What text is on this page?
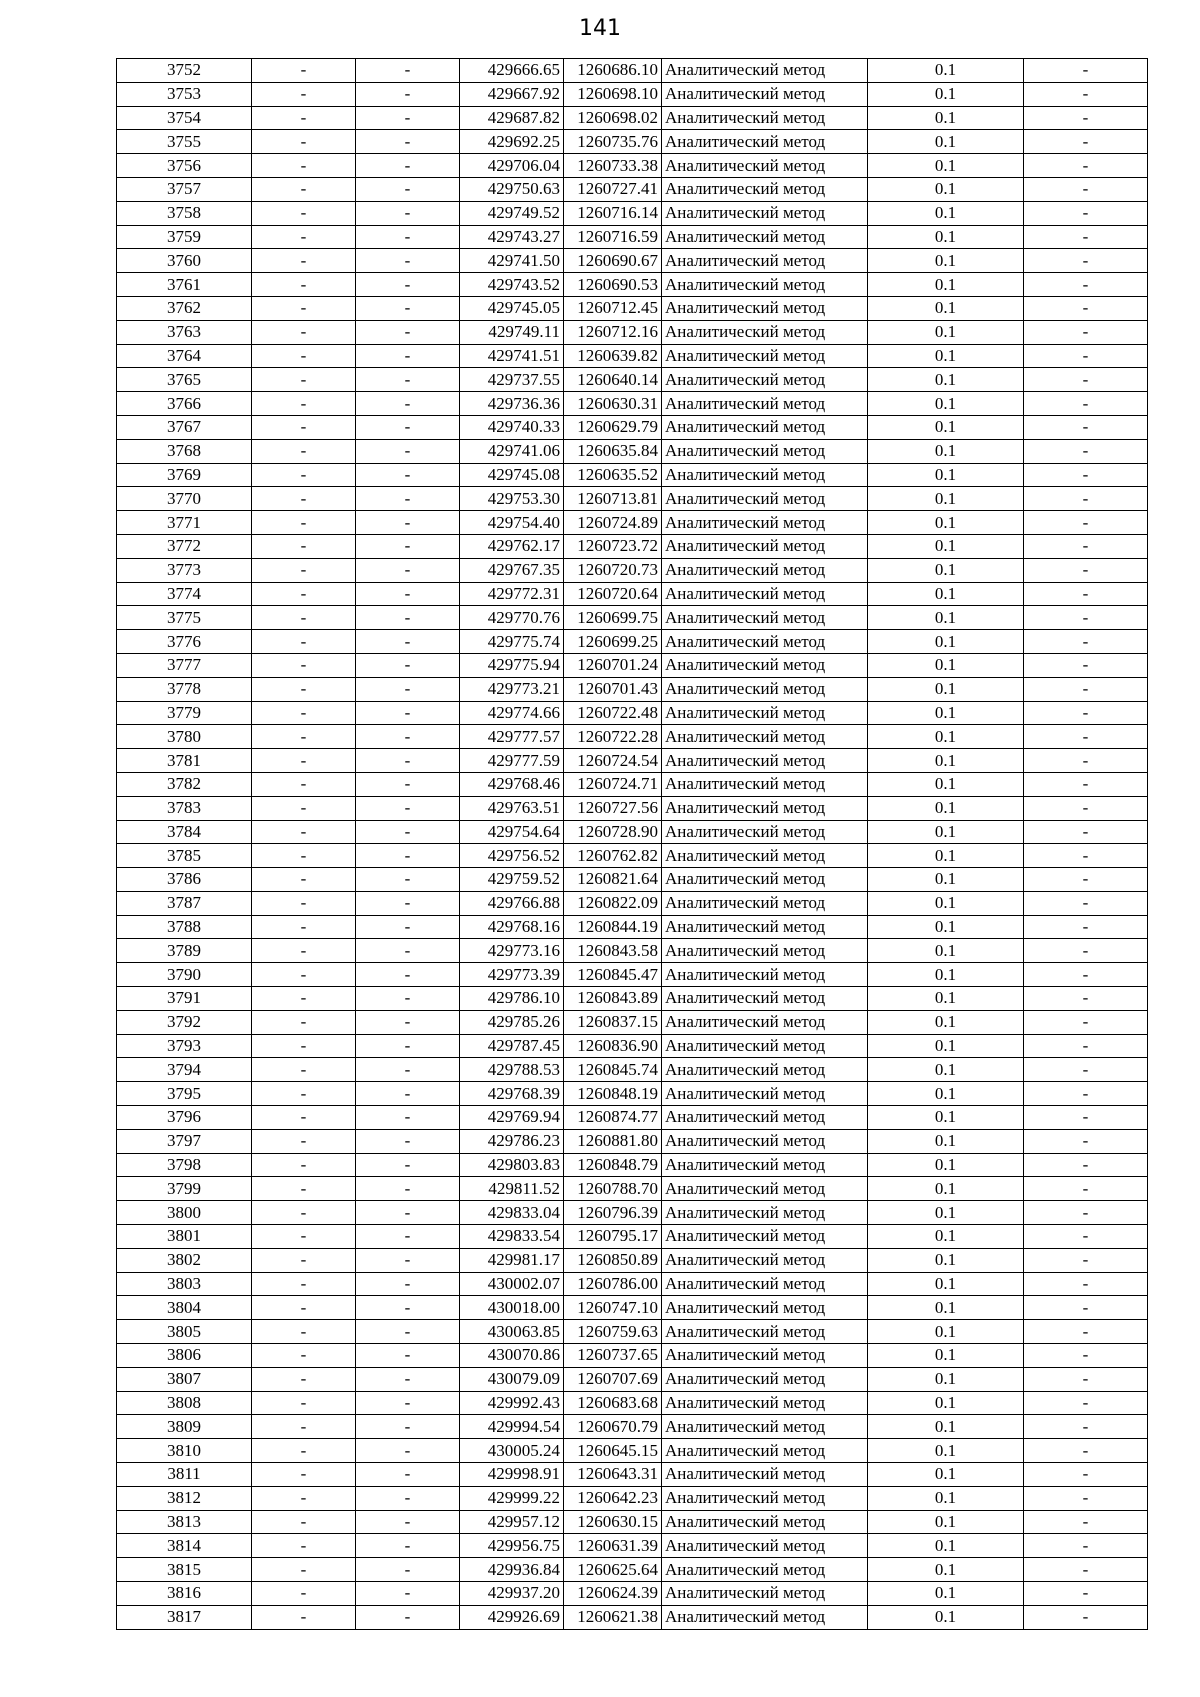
141
3752	-	-	429666.65	1260686.10	Аналитический метод	0.1	-
3753	-	-	429667.92	1260698.10	Аналитический метод	0.1	-
3754	-	-	429687.82	1260698.02	Аналитический метод	0.1	-
3755	-	-	429692.25	1260735.76	Аналитический метод	0.1	-
3756	-	-	429706.04	1260733.38	Аналитический метод	0.1	-
3757	-	-	429750.63	1260727.41	Аналитический метод	0.1	-
3758	-	-	429749.52	1260716.14	Аналитический метод	0.1	-
3759	-	-	429743.27	1260716.59	Аналитический метод	0.1	-
3760	-	-	429741.50	1260690.67	Аналитический метод	0.1	-
3761	-	-	429743.52	1260690.53	Аналитический метод	0.1	-
3762	-	-	429745.05	1260712.45	Аналитический метод	0.1	-
3763	-	-	429749.11	1260712.16	Аналитический метод	0.1	-
3764	-	-	429741.51	1260639.82	Аналитический метод	0.1	-
3765	-	-	429737.55	1260640.14	Аналитический метод	0.1	-
3766	-	-	429736.36	1260630.31	Аналитический метод	0.1	-
3767	-	-	429740.33	1260629.79	Аналитический метод	0.1	-
3768	-	-	429741.06	1260635.84	Аналитический метод	0.1	-
3769	-	-	429745.08	1260635.52	Аналитический метод	0.1	-
3770	-	-	429753.30	1260713.81	Аналитический метод	0.1	-
3771	-	-	429754.40	1260724.89	Аналитический метод	0.1	-
3772	-	-	429762.17	1260723.72	Аналитический метод	0.1	-
3773	-	-	429767.35	1260720.73	Аналитический метод	0.1	-
3774	-	-	429772.31	1260720.64	Аналитический метод	0.1	-
3775	-	-	429770.76	1260699.75	Аналитический метод	0.1	-
3776	-	-	429775.74	1260699.25	Аналитический метод	0.1	-
3777	-	-	429775.94	1260701.24	Аналитический метод	0.1	-
3778	-	-	429773.21	1260701.43	Аналитический метод	0.1	-
3779	-	-	429774.66	1260722.48	Аналитический метод	0.1	-
3780	-	-	429777.57	1260722.28	Аналитический метод	0.1	-
3781	-	-	429777.59	1260724.54	Аналитический метод	0.1	-
3782	-	-	429768.46	1260724.71	Аналитический метод	0.1	-
3783	-	-	429763.51	1260727.56	Аналитический метод	0.1	-
3784	-	-	429754.64	1260728.90	Аналитический метод	0.1	-
3785	-	-	429756.52	1260762.82	Аналитический метод	0.1	-
3786	-	-	429759.52	1260821.64	Аналитический метод	0.1	-
3787	-	-	429766.88	1260822.09	Аналитический метод	0.1	-
3788	-	-	429768.16	1260844.19	Аналитический метод	0.1	-
3789	-	-	429773.16	1260843.58	Аналитический метод	0.1	-
3790	-	-	429773.39	1260845.47	Аналитический метод	0.1	-
3791	-	-	429786.10	1260843.89	Аналитический метод	0.1	-
3792	-	-	429785.26	1260837.15	Аналитический метод	0.1	-
3793	-	-	429787.45	1260836.90	Аналитический метод	0.1	-
3794	-	-	429788.53	1260845.74	Аналитический метод	0.1	-
3795	-	-	429768.39	1260848.19	Аналитический метод	0.1	-
3796	-	-	429769.94	1260874.77	Аналитический метод	0.1	-
3797	-	-	429786.23	1260881.80	Аналитический метод	0.1	-
3798	-	-	429803.83	1260848.79	Аналитический метод	0.1	-
3799	-	-	429811.52	1260788.70	Аналитический метод	0.1	-
3800	-	-	429833.04	1260796.39	Аналитический метод	0.1	-
3801	-	-	429833.54	1260795.17	Аналитический метод	0.1	-
3802	-	-	429981.17	1260850.89	Аналитический метод	0.1	-
3803	-	-	430002.07	1260786.00	Аналитический метод	0.1	-
3804	-	-	430018.00	1260747.10	Аналитический метод	0.1	-
3805	-	-	430063.85	1260759.63	Аналитический метод	0.1	-
3806	-	-	430070.86	1260737.65	Аналитический метод	0.1	-
3807	-	-	430079.09	1260707.69	Аналитический метод	0.1	-
3808	-	-	429992.43	1260683.68	Аналитический метод	0.1	-
3809	-	-	429994.54	1260670.79	Аналитический метод	0.1	-
3810	-	-	430005.24	1260645.15	Аналитический метод	0.1	-
3811	-	-	429998.91	1260643.31	Аналитический метод	0.1	-
3812	-	-	429999.22	1260642.23	Аналитический метод	0.1	-
3813	-	-	429957.12	1260630.15	Аналитический метод	0.1	-
3814	-	-	429956.75	1260631.39	Аналитический метод	0.1	-
3815	-	-	429936.84	1260625.64	Аналитический метод	0.1	-
3816	-	-	429937.20	1260624.39	Аналитический метод	0.1	-
3817	-	-	429926.69	1260621.38	Аналитический метод	0.1	-
